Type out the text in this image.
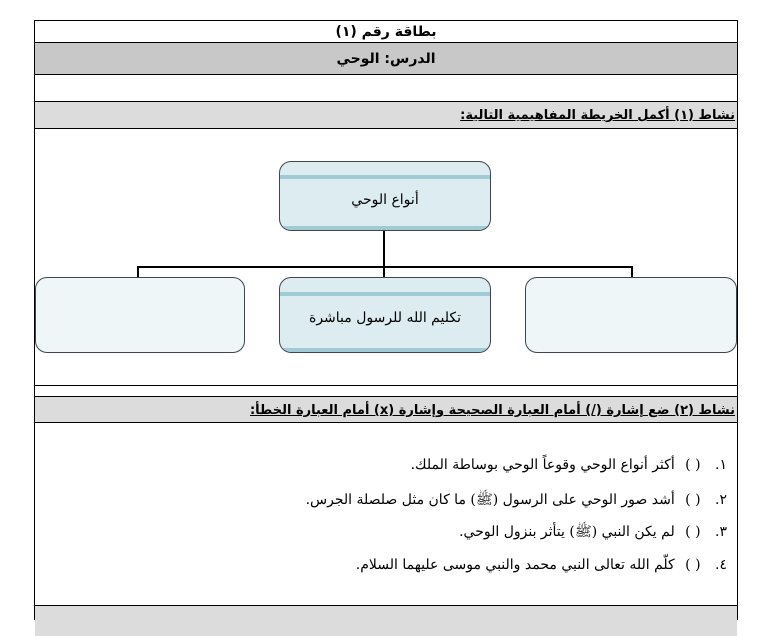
بطاقة رقم (١)
الدرس: الوحي
نشاط (١) أكمل الخريطة المفاهيمية التالية:
أنواع الوحي
تكليم الله للرسول مباشرة
نشاط (٢) ضع إشارة (/) أمام العبارة الصحيحة وإشارة (x) أمام العبارة الخطأ:
١. ( ) أكثر أنواع الوحي وقوعاً الوحي بوساطة الملك.
٢. ( ) أشد صور الوحي على الرسول (ﷺ) ما كان مثل صلصلة الجرس.
٣. ( ) لم يكن النبي (ﷺ) يتأثر بنزول الوحي.
٤. ( ) كلّم الله تعالى النبي محمد والنبي موسى عليهما السلام.
